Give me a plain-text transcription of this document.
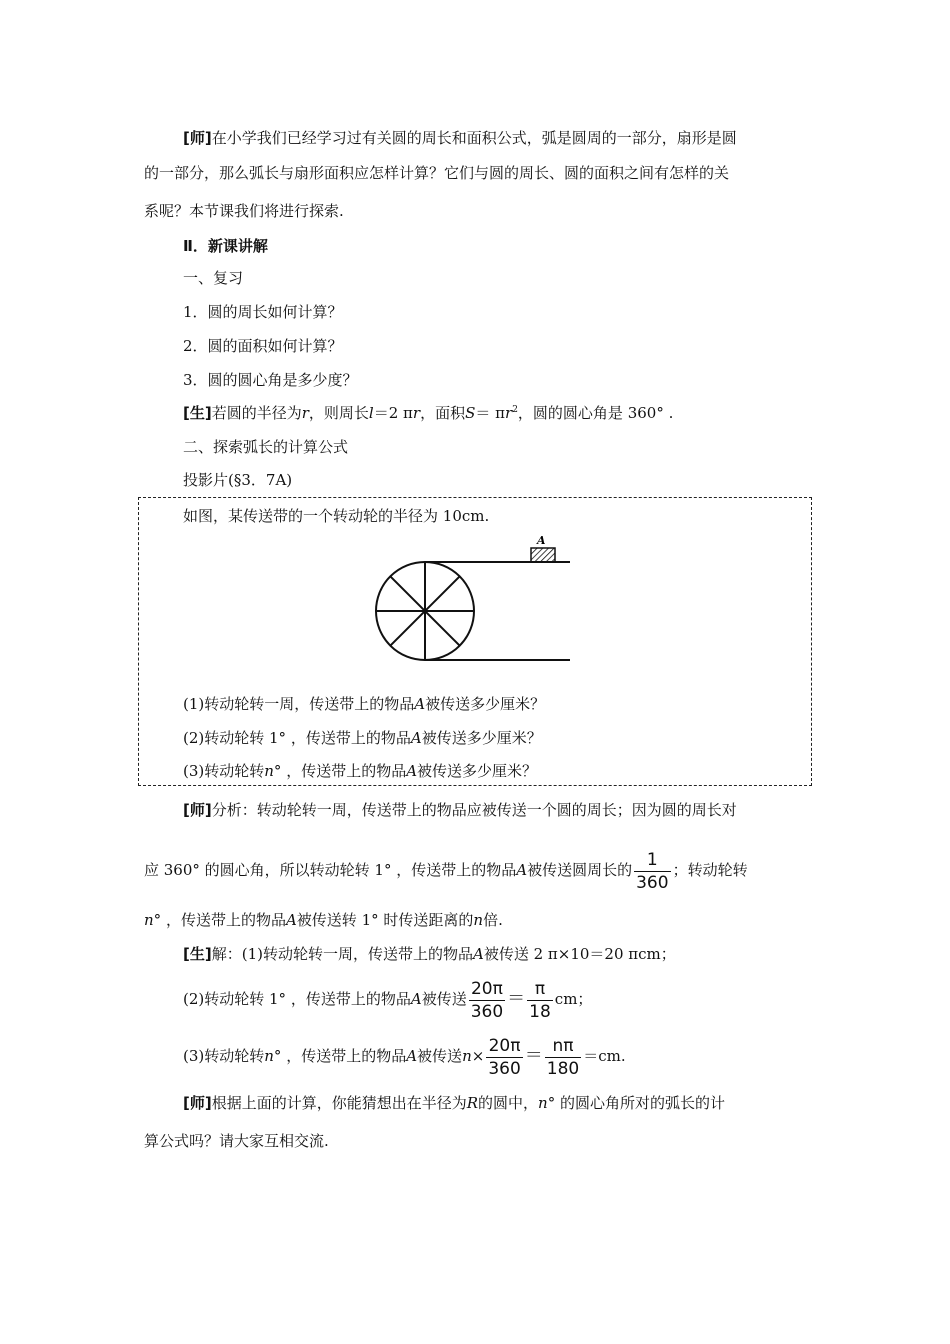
[师]在小学我们已经学习过有关圆的周长和面积公式，弧是圆周的一部分，扇形是圆
的一部分，那么弧长与扇形面积应怎样计算？它们与圆的周长、圆的面积之间有怎样的关
系呢？本节课我们将进行探索.
Ⅱ．新课讲解
一、复习
1．圆的周长如何计算？
2．圆的面积如何计算？
3．圆的圆心角是多少度？
[生]若圆的半径为r，则周长l＝2 πr，面积$S= \pi r^2$，圆的圆心角是 360° .
二、探索弧长的计算公式
投影片(§3．7A)
如图，某传送带的一个转动轮的半径为 10cm.
A
(1)转动轮转一周，传送带上的物品A被传送多少厘米？
(2)转动轮转 1° ，传送带上的物品A被传送多少厘米？
(3)转动轮转n° ，传送带上的物品A被传送多少厘米？
[师]分析：转动轮转一周，传送带上的物品应被传送一个圆的周长；因为圆的周长对
应 360° 的圆心角，所以转动轮转 1° ，传送带上的物品A被传送圆周长的 $\frac{1}{360}$ ；转动轮转
n° ，传送带上的物品A被传送转 1° 时传送距离的n倍.
[生]解：(1)转动轮转一周，传送带上的物品A被传送 2 π×10＝20 πcm；
(2)转动轮转 1° ，传送带上的物品A被传送 $\frac{20\pi}{360} = \frac{\pi}{18}$ cm；
(3)转动轮转n° ，传送带上的物品A被传送$n\times \frac{20\pi}{360} = \frac{n\pi}{180} =cm$.
[师]根据上面的计算，你能猜想出在半径为R的圆中，n° 的圆心角所对的弧长的计
算公式吗？请大家互相交流.
